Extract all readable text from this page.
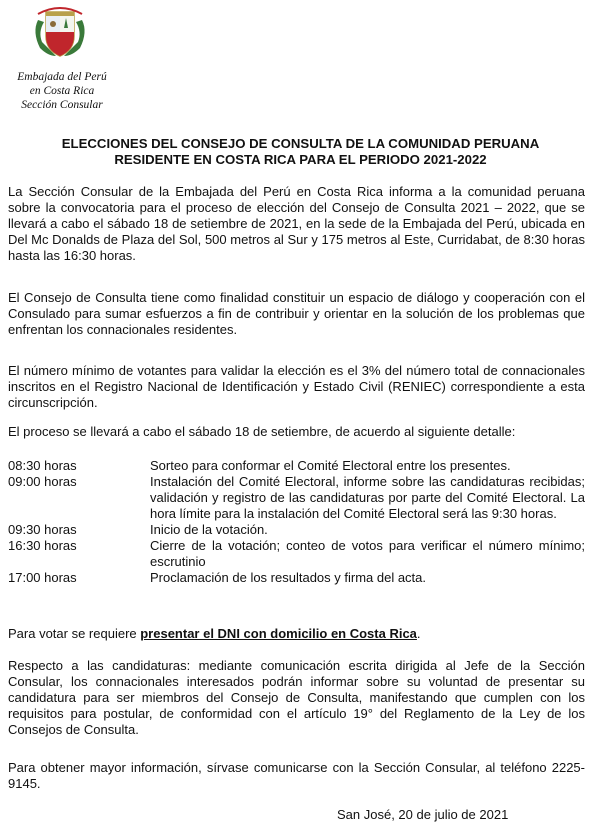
Embajada del Perú
en Costa Rica
Sección Consular
ELECCIONES DEL CONSEJO DE CONSULTA DE LA COMUNIDAD PERUANA
RESIDENTE EN COSTA RICA PARA EL PERIODO 2021-2022
La Sección Consular de la Embajada del Perú en Costa Rica informa a la comunidad peruana sobre la convocatoria para el proceso de elección del Consejo de Consulta 2021 – 2022, que se llevará a cabo el sábado 18 de setiembre de 2021, en la sede de la Embajada del Perú, ubicada en Del Mc Donalds de Plaza del Sol, 500 metros al Sur y 175 metros al Este, Curridabat, de 8:30 horas hasta las 16:30 horas.
El Consejo de Consulta tiene como finalidad constituir un espacio de diálogo y cooperación con el Consulado para sumar esfuerzos a fin de contribuir y orientar en la solución de los problemas que enfrentan los connacionales residentes.
El número mínimo de votantes para validar la elección es el 3% del número total de connacionales inscritos en el Registro Nacional de Identificación y Estado Civil (RENIEC) correspondiente a esta circunscripción.
El proceso se llevará a cabo el sábado 18 de setiembre, de acuerdo al siguiente detalle:
08:30 horas	Sorteo para conformar el Comité Electoral entre los presentes.
09:00 horas	Instalación del Comité Electoral, informe sobre las candidaturas recibidas; validación y registro de las candidaturas por parte del Comité Electoral. La hora límite para la instalación del Comité Electoral será las 9:30 horas.
09:30 horas	Inicio de la votación.
16:30 horas	Cierre de la votación; conteo de votos para verificar el número mínimo; escrutinio
17:00 horas	Proclamación de los resultados y firma del acta.
Para votar se requiere presentar el DNI con domicilio en Costa Rica.
Respecto a las candidaturas: mediante comunicación escrita dirigida al Jefe de la Sección Consular, los connacionales interesados podrán informar sobre su voluntad de presentar su candidatura para ser miembros del Consejo de Consulta, manifestando que cumplen con los requisitos para postular, de conformidad con el artículo 19° del Reglamento de la Ley de los Consejos de Consulta.
Para obtener mayor información, sírvase comunicarse con la Sección Consular, al teléfono 2225-9145.
San José, 20 de julio de 2021
